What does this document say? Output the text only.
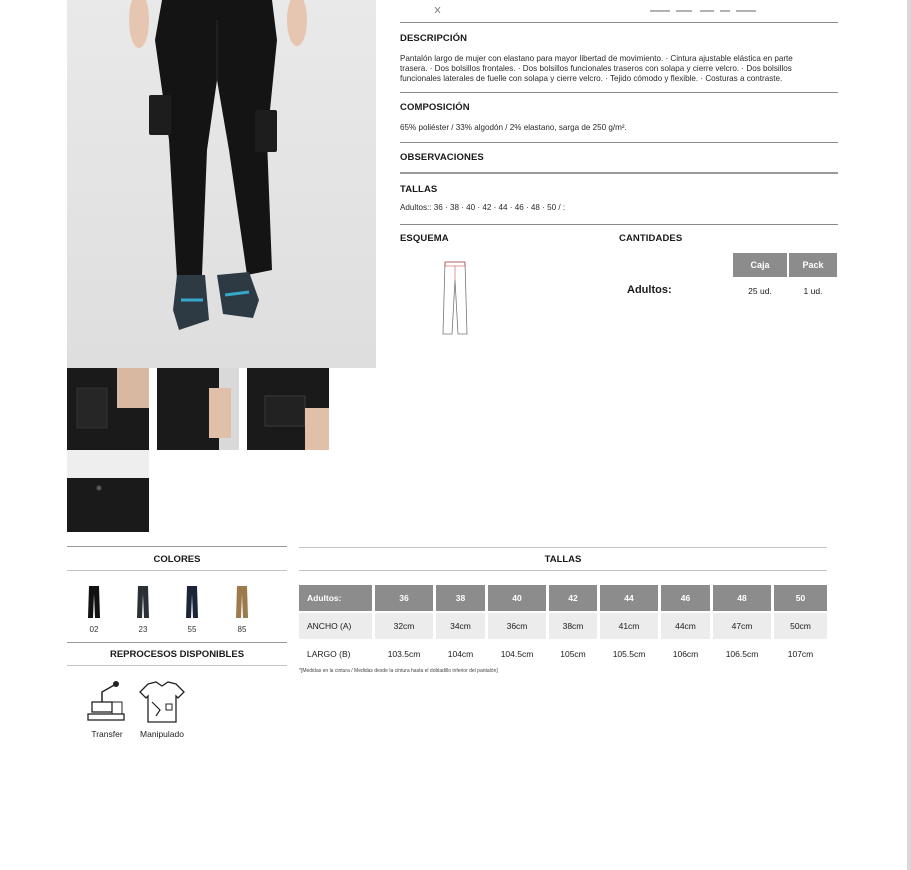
DESCRIPCIÓN
Pantalón largo de mujer con elastano para mayor libertad de movimiento. · Cintura ajustable elástica en parte
trasera. · Dos bolsillos frontales. · Dos bolsillos funcionales traseros con solapa y cierre velcro. · Dos bolsillos
funcionales laterales de fuelle con solapa y cierre velcro. · Tejido cómodo y flexible. · Costuras a contraste.
COMPOSICIÓN
65% poliéster / 33% algodón / 2% elastano, sarga de 250 g/m².
OBSERVACIONES
TALLAS
Adultos:: 36 · 38 · 40 · 42 · 44 · 46 · 48 · 50 / :
ESQUEMA	CANTIDADES
Caja	Pack
Adultos:	25 ud.	1 ud.
COLORES
02	23	55	85
REPROCESOS DISPONIBLES
Transfer	Manipulado
TALLAS
Adultos:	36	38	40	42	44	46	48	50
ANCHO (A)	32cm	34cm	36cm	38cm	41cm	44cm	47cm	50cm
LARGO (B)	103.5cm	104cm	104.5cm	105cm	105.5cm	106cm	106.5cm	107cm
*[Medidas en la cintura / Medidas desde la cintura hasta el dobladillo inferior del pantalón]
